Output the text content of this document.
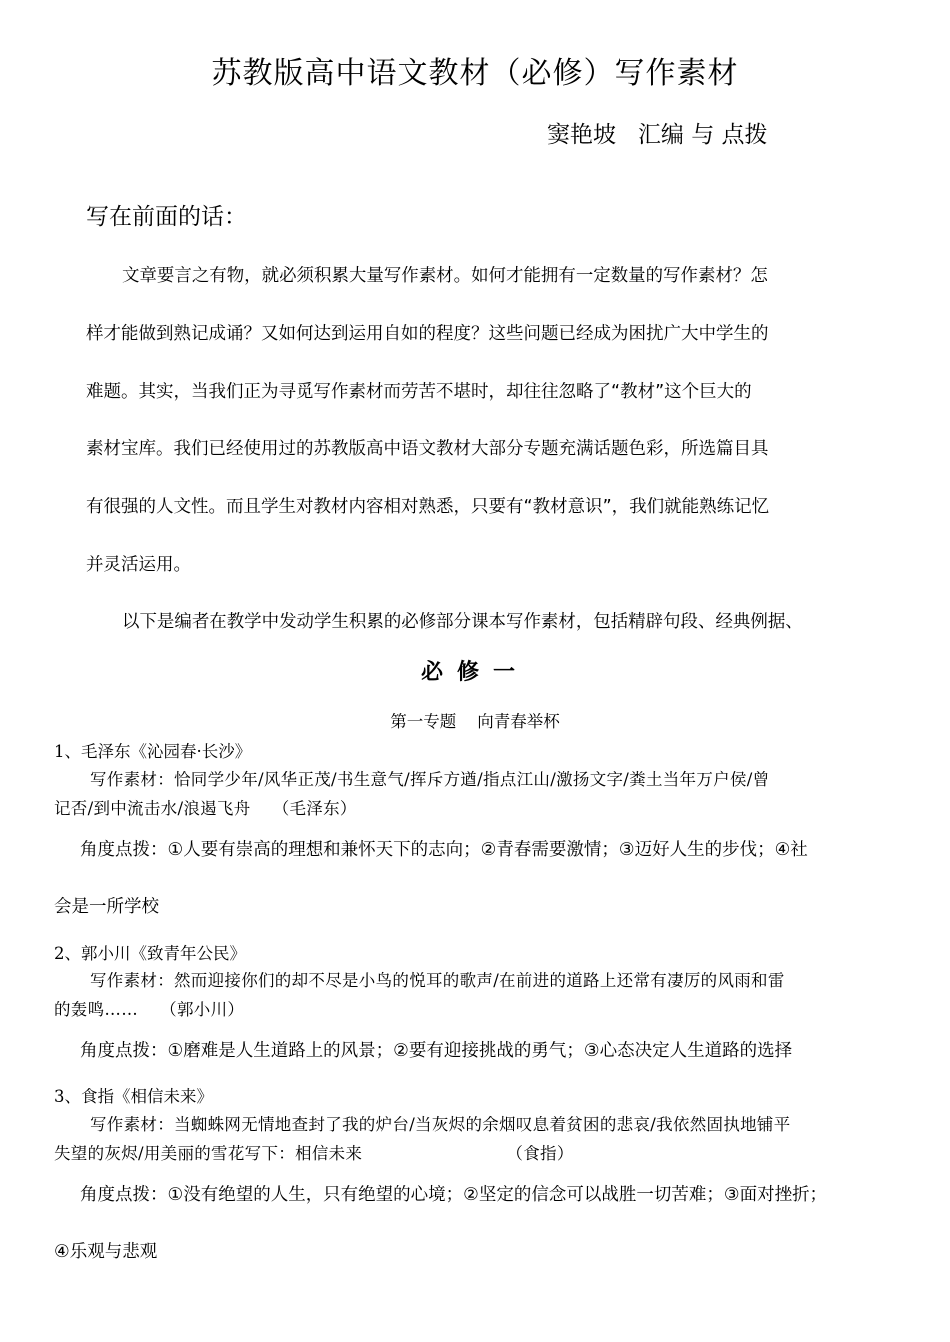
苏教版高中语文教材（必修）写作素材
窦艳坡   汇编 与 点拨
写在前面的话：
文章要言之有物，就必须积累大量写作素材。如何才能拥有一定数量的写作素材？怎
样才能做到熟记成诵？又如何达到运用自如的程度？这些问题已经成为困扰广大中学生的
难题。其实，当我们正为寻觅写作素材而劳苦不堪时，却往往忽略了“教材”这个巨大的
素材宝库。我们已经使用过的苏教版高中语文教材大部分专题充满话题色彩，所选篇目具
有很强的人文性。而且学生对教材内容相对熟悉，只要有“教材意识”，我们就能熟练记忆
并灵活运用。
以下是编者在教学中发动学生积累的必修部分课本写作素材，包括精辟句段、经典例据、
必修一
第一专题    向青春举杯
1、毛泽东《沁园春·长沙》
写作素材：恰同学少年/风华正茂/书生意气/挥斥方遒/指点江山/激扬文字/粪土当年万户侯/曾
记否/到中流击水/浪遏飞舟    （毛泽东）
角度点拨：①人要有崇高的理想和兼怀天下的志向；②青春需要激情；③迈好人生的步伐；④社
会是一所学校
2、郭小川《致青年公民》
写作素材：然而迎接你们的却不尽是小鸟的悦耳的歌声/在前进的道路上还常有凄厉的风雨和雷
的轰鸣……    （郭小川）
角度点拨：①磨难是人生道路上的风景；②要有迎接挑战的勇气；③心态决定人生道路的选择
3、食指《相信未来》
写作素材：当蜘蛛网无情地查封了我的炉台/当灰烬的余烟叹息着贫困的悲哀/我依然固执地铺平
失望的灰烬/用美丽的雪花写下：相信未来                          （食指）
角度点拨：①没有绝望的人生，只有绝望的心境；②坚定的信念可以战胜一切苦难；③面对挫折；
④乐观与悲观
